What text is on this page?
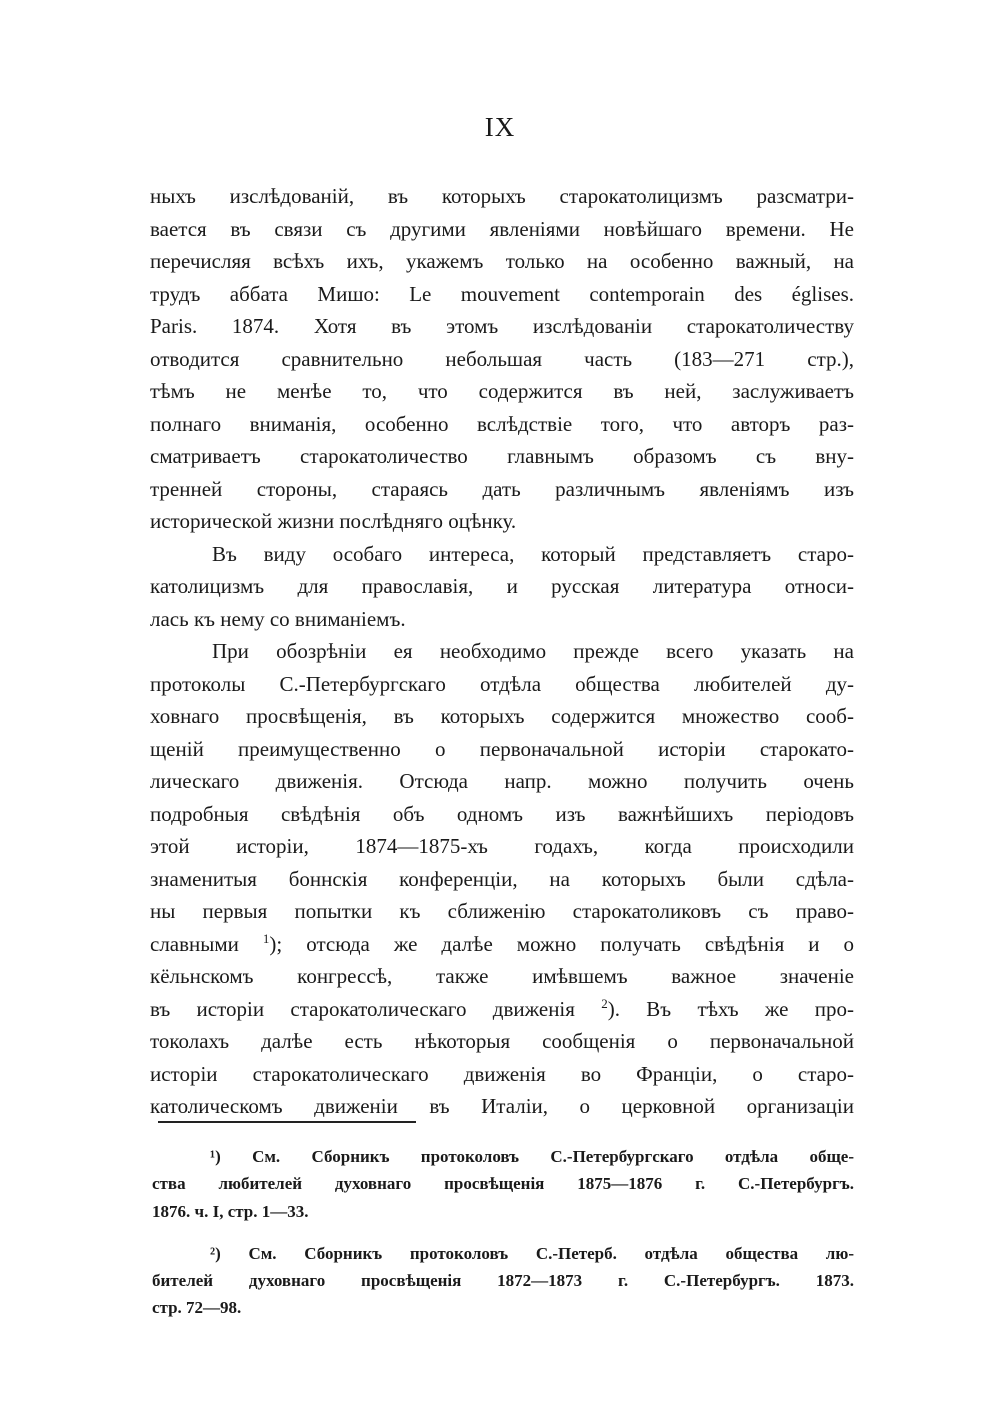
IX
ныхъ изслѣдованій, въ которыхъ старокатолицизмъ разсматри-
вается въ связи съ другими явленіями новѣйшаго времени. Не
перечисляя всѣхъ ихъ, укажемъ только на особенно важный, на
трудъ аббата Мишо: Le mouvement contemporain des églises.
Paris. 1874. Хотя въ этомъ изслѣдованіи старокатоличеству
отводится сравнительно небольшая часть (183—271 стр.),
тѣмъ не менѣе то, что содержится въ ней, заслуживаетъ
полнаго вниманія, особенно вслѣдствіе того, что авторъ раз-
сматриваетъ старокатоличество главнымъ образомъ съ вну-
тренней стороны, стараясь дать различнымъ явленіямъ изъ
исторической жизни послѣдняго оцѣнку.
Въ виду особаго интереса, который представляетъ старо-
католицизмъ для православія, и русская литература относи-
лась къ нему со вниманіемъ.
При обозрѣніи ея необходимо прежде всего указать на
протоколы С.-Петербургскаго отдѣла общества любителей ду-
ховнаго просвѣщенія, въ которыхъ содержится множество сооб-
щеній преимущественно о первоначальной исторіи старокато-
лическаго движенія. Отсюда напр. можно получить очень
подробныя свѣдѣнія объ одномъ изъ важнѣйшихъ періодовъ
этой исторіи, 1874—1875-хъ годахъ, когда происходили
знаменитыя боннскія конференціи, на которыхъ были сдѣла-
ны первыя попытки къ сближенію старокатоликовъ съ право-
славными $^1$); отсюда же далѣе можно получать свѣдѣнія и о
кёльнскомъ конгрессѣ, также имѣвшемъ важное значеніе
въ исторіи старокатолическаго движенія $^2$). Въ тѣхъ же про-
токолахъ далѣе есть нѣкоторыя сообщенія о первоначальной
исторіи старокатолическаго движенія во Франціи, о старо-
католическомъ движеніи въ Италіи, о церковной организаціи
¹) См. Сборникъ протоколовъ С.-Петербургскаго отдѣла обще-
ства любителей духовнаго просвѣщенія 1875—1876 г. С.-Петербургъ.
1876. ч. I, стр. 1—33.
²) См. Сборникъ протоколовъ С.-Петерб. отдѣла общества лю-
бителей духовнаго просвѣщенія 1872—1873 г. С.-Петербургъ. 1873.
стр. 72—98.
